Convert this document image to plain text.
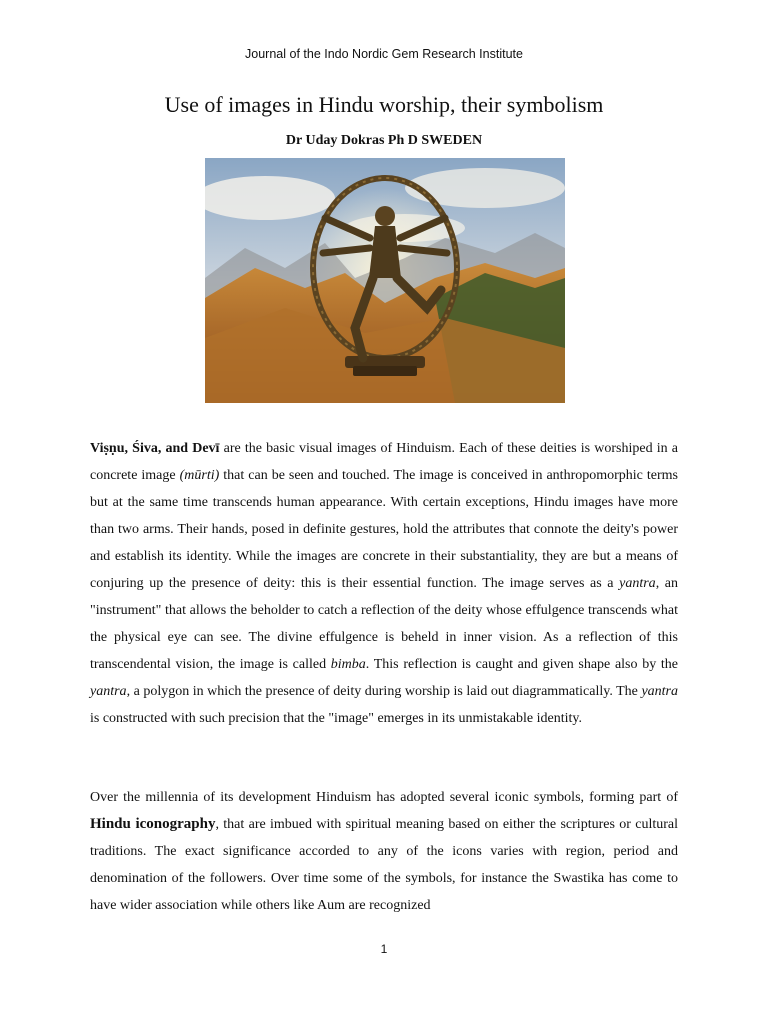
Journal of the Indo Nordic Gem Research Institute
Use of images in Hindu worship, their symbolism
Dr Uday Dokras Ph D SWEDEN

Viṣṇu, Śiva, and Devī are the basic visual images of Hinduism. Each of these deities is worshiped in a concrete image (mūrti) that can be seen and touched. The image is conceived in anthropomorphic terms but at the same time transcends human appearance. With certain exceptions, Hindu images have more than two arms. Their hands, posed in definite gestures, hold the attributes that connote the deity's power and establish its identity. While the images are concrete in their substantiality, they are but a means of conjuring up the presence of deity: this is their essential function. The image serves as a yantra, an "instrument" that allows the beholder to catch a reflection of the deity whose effulgence transcends what the physical eye can see. The divine effulgence is beheld in inner vision. As a reflection of this transcendental vision, the image is called bimba. This reflection is caught and given shape also by the yantra, a polygon in which the presence of deity during worship is laid out diagrammatically. The yantra is constructed with such precision that the "image" emerges in its unmistakable identity.

Over the millennia of its development Hinduism has adopted several iconic symbols, forming part of Hindu iconography, that are imbued with spiritual meaning based on either the scriptures or cultural traditions. The exact significance accorded to any of the icons varies with region, period and denomination of the followers. Over time some of the symbols, for instance the Swastika has come to have wider association while others like Aum are recognized

1
